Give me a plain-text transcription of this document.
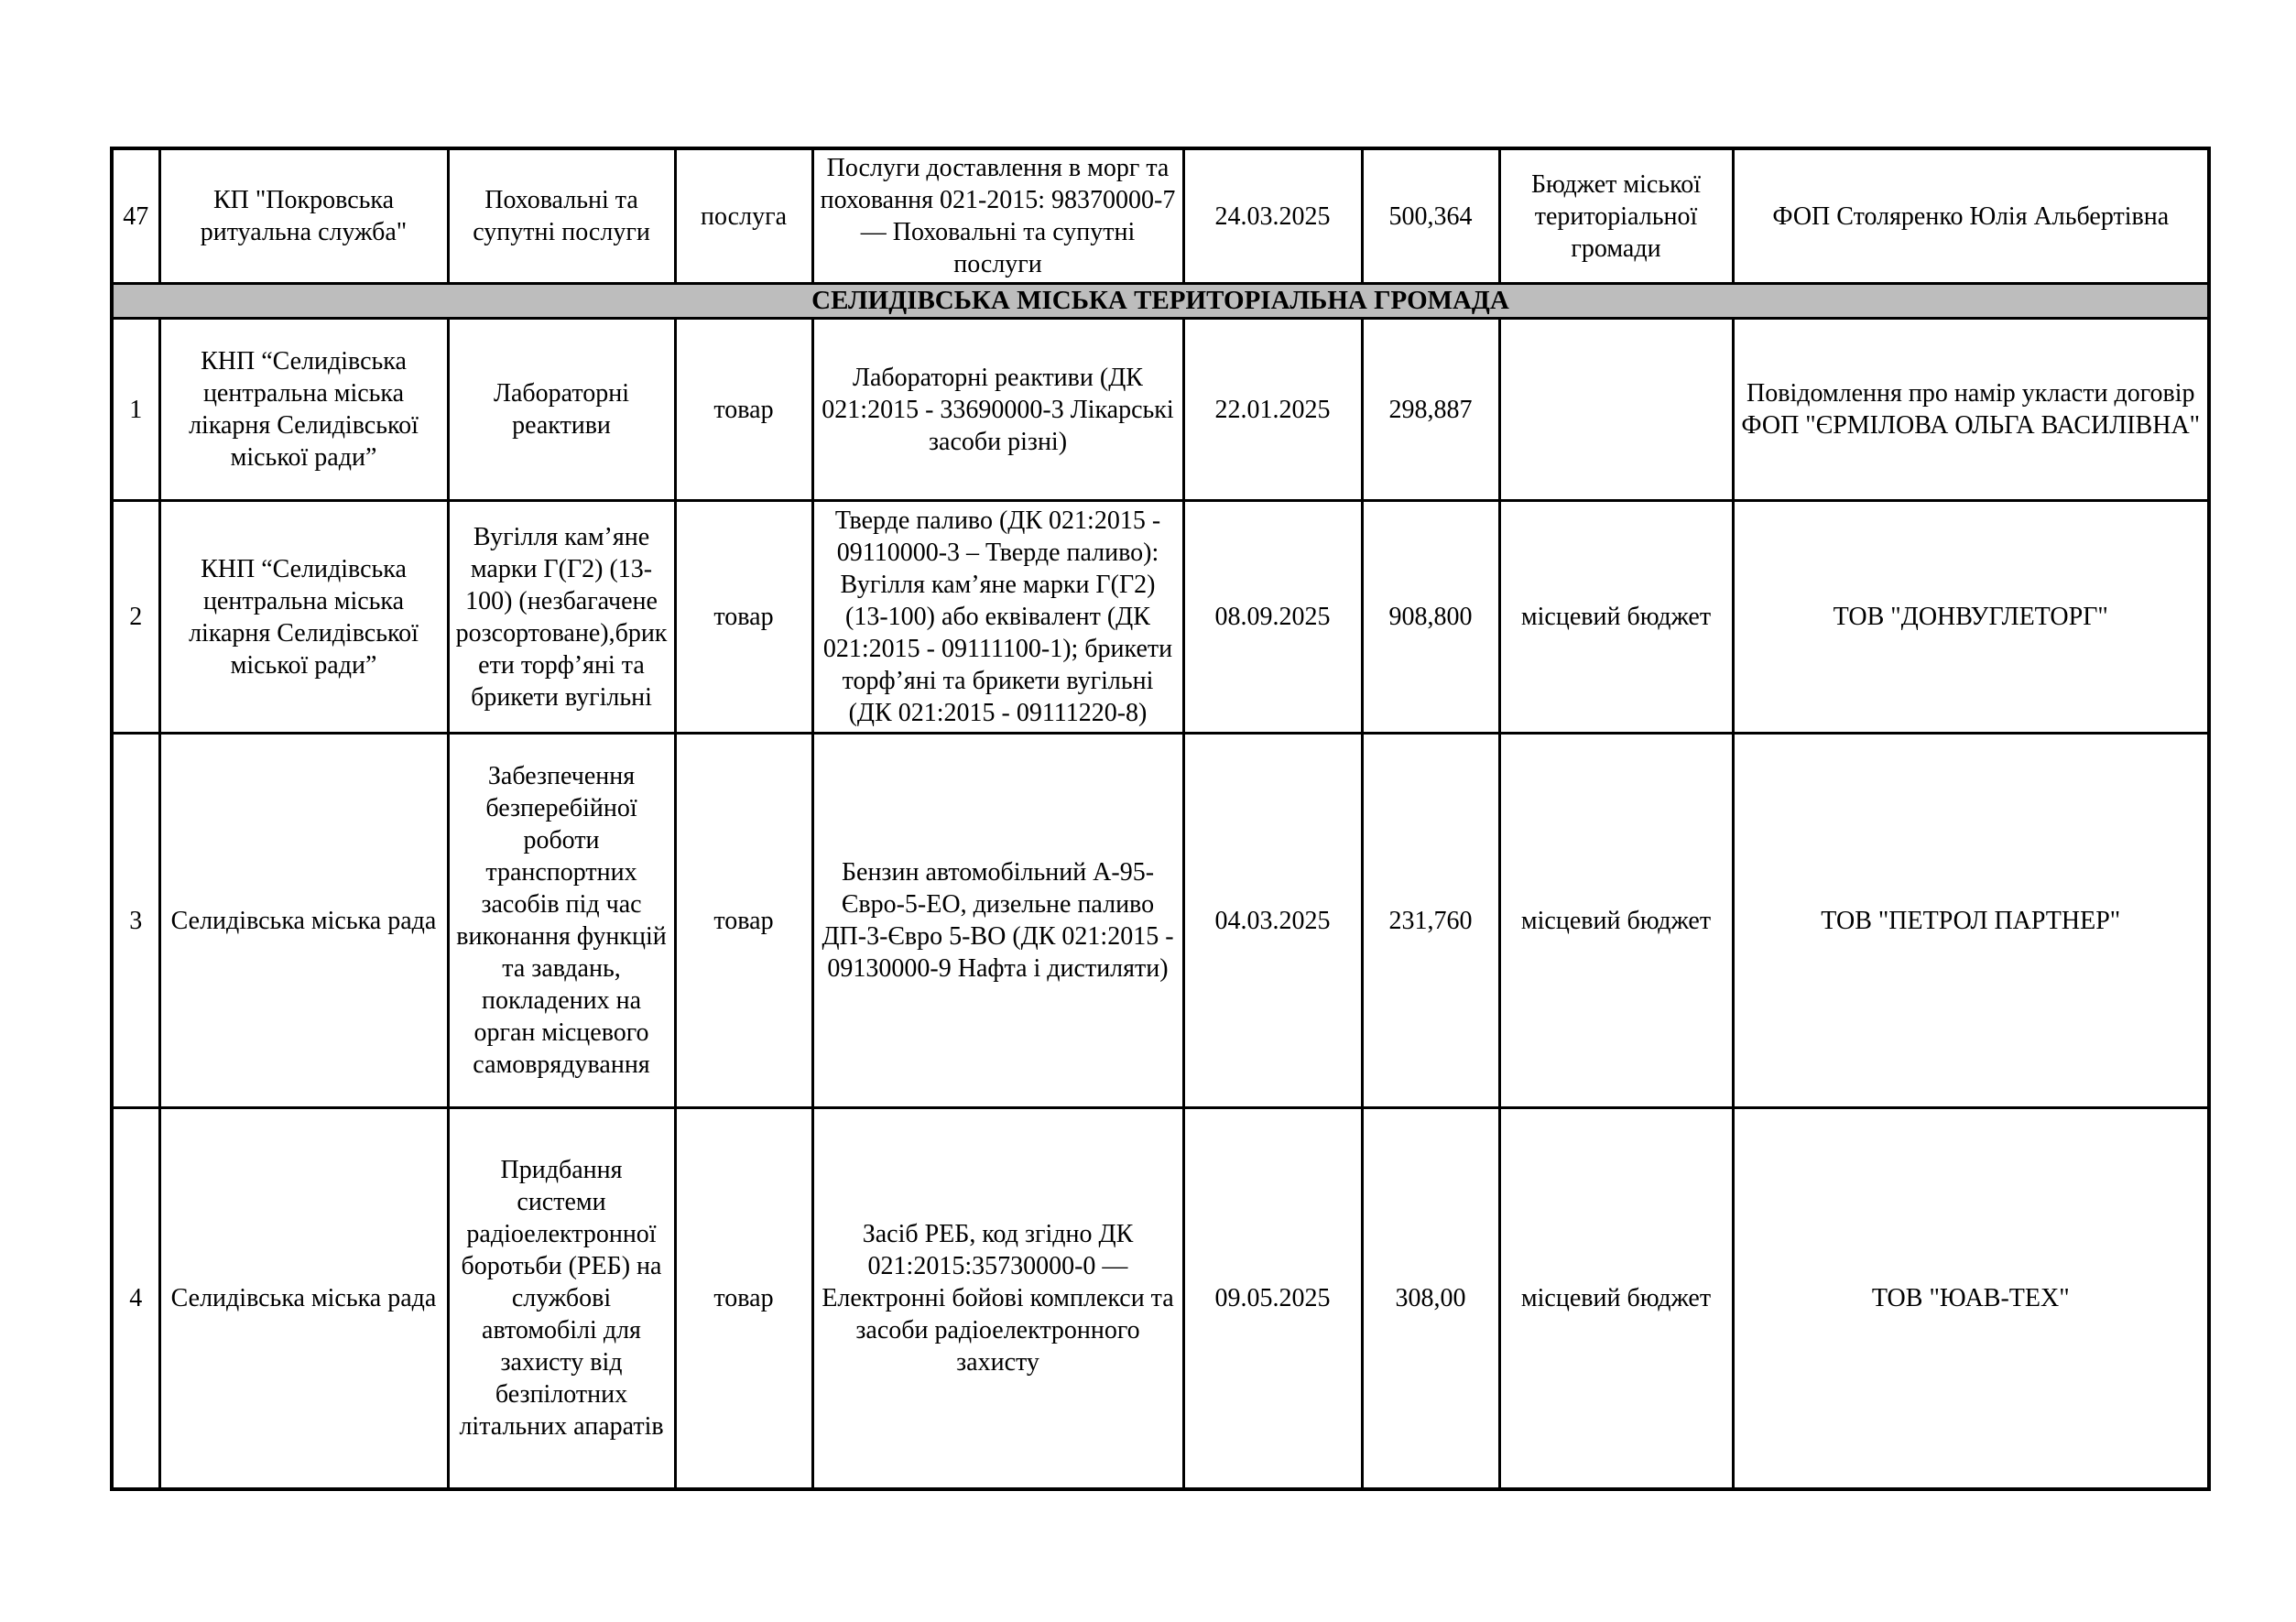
47	КП "Покровська ритуальна служба"	Поховальні та супутні послуги	послуга	Послуги доставлення в морг та поховання 021-2015: 98370000-7 — Поховальні та супутні послуги	24.03.2025	500,364	Бюджет міської територіальної громади	ФОП Столяренко Юлія Альбертівна
СЕЛИДІВСЬКА МІСЬКА ТЕРИТОРІАЛЬНА ГРОМАДА								
1	КНП “Селидівська центральна міська лікарня Селидівської міської ради”	Лабораторні реактиви	товар	Лабораторні реактиви (ДК 021:2015 - 33690000-3 Лікарські засоби різні)	22.01.2025	298,887		Повідомлення про намір укласти договір ФОП "ЄРМІЛОВА ОЛЬГА ВАСИЛІВНА"
2	КНП “Селидівська центральна міська лікарня Селидівської міської ради”	Вугілля кам’яне марки Г(Г2) (13-100) (незбагачене розсортоване),брикети торф’яні та брикети вугільні	товар	Тверде паливо (ДК 021:2015 - 09110000-3 – Тверде паливо): Вугілля кам’яне марки Г(Г2) (13-100) або еквівалент (ДК 021:2015 - 09111100-1); брикети торф’яні та брикети вугільні (ДК 021:2015 - 09111220-8)	08.09.2025	908,800	місцевий бюджет	ТОВ "ДОНВУГЛЕТОРГ"
3	Селидівська міська рада	Забезпечення безперебійної роботи транспортних засобів під час виконання функцій та завдань, покладених на орган місцевого самоврядування	товар	Бензин автомобільний А-95-Євро-5-ЕО, дизельне паливо ДП-3-Євро 5-ВО (ДК 021:2015 - 09130000-9 Нафта і дистиляти)	04.03.2025	231,760	місцевий бюджет	ТОВ "ПЕТРОЛ ПАРТНЕР"
4	Селидівська міська рада	Придбання системи радіоелектронної боротьби (РЕБ) на службові автомобілі для захисту від безпілотних літальних апаратів	товар	Засіб РЕБ, код згідно ДК 021:2015:35730000-0 — Електронні бойові комплекси та засоби радіоелектронного захисту	09.05.2025	308,00	місцевий бюджет	ТОВ "ЮАВ-ТЕХ"
